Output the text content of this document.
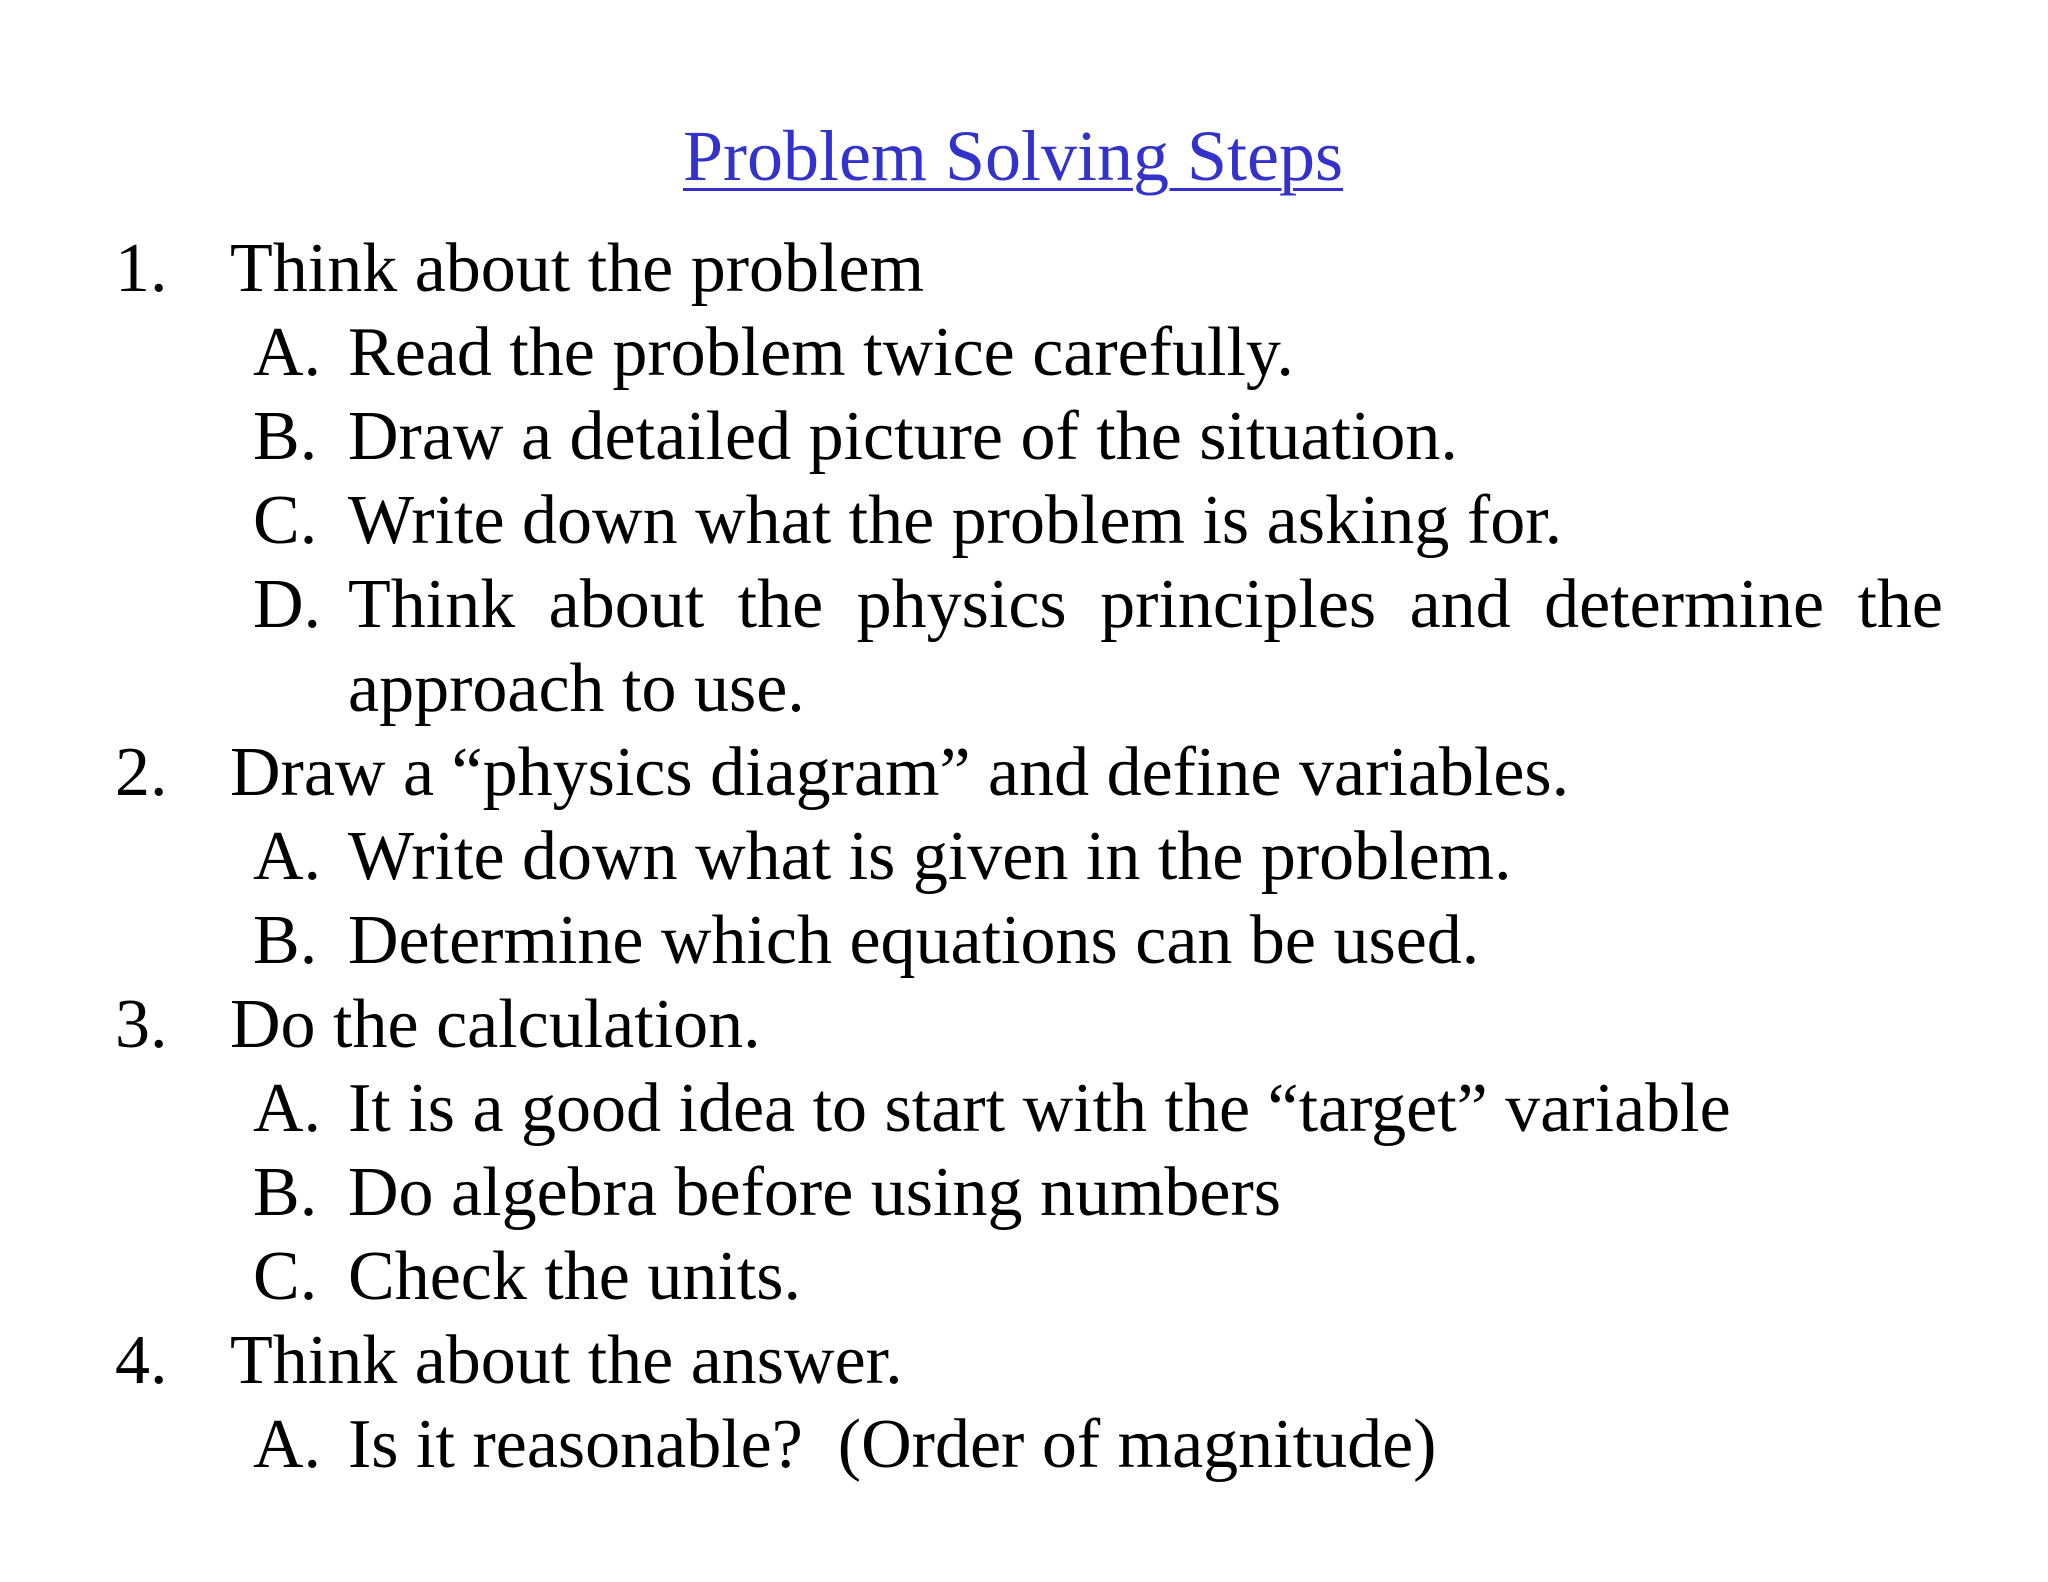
Problem Solving Steps
1. Think about the problem
A. Read the problem twice carefully.
B. Draw a detailed picture of the situation.
C. Write down what the problem is asking for.
D. Think about the physics principles and determine the approach to use.
2. Draw a “physics diagram” and define variables.
A. Write down what is given in the problem.
B. Determine which equations can be used.
3. Do the calculation.
A. It is a good idea to start with the “target” variable
B. Do algebra before using numbers
C. Check the units.
4. Think about the answer.
A. Is it reasonable?  (Order of magnitude)
